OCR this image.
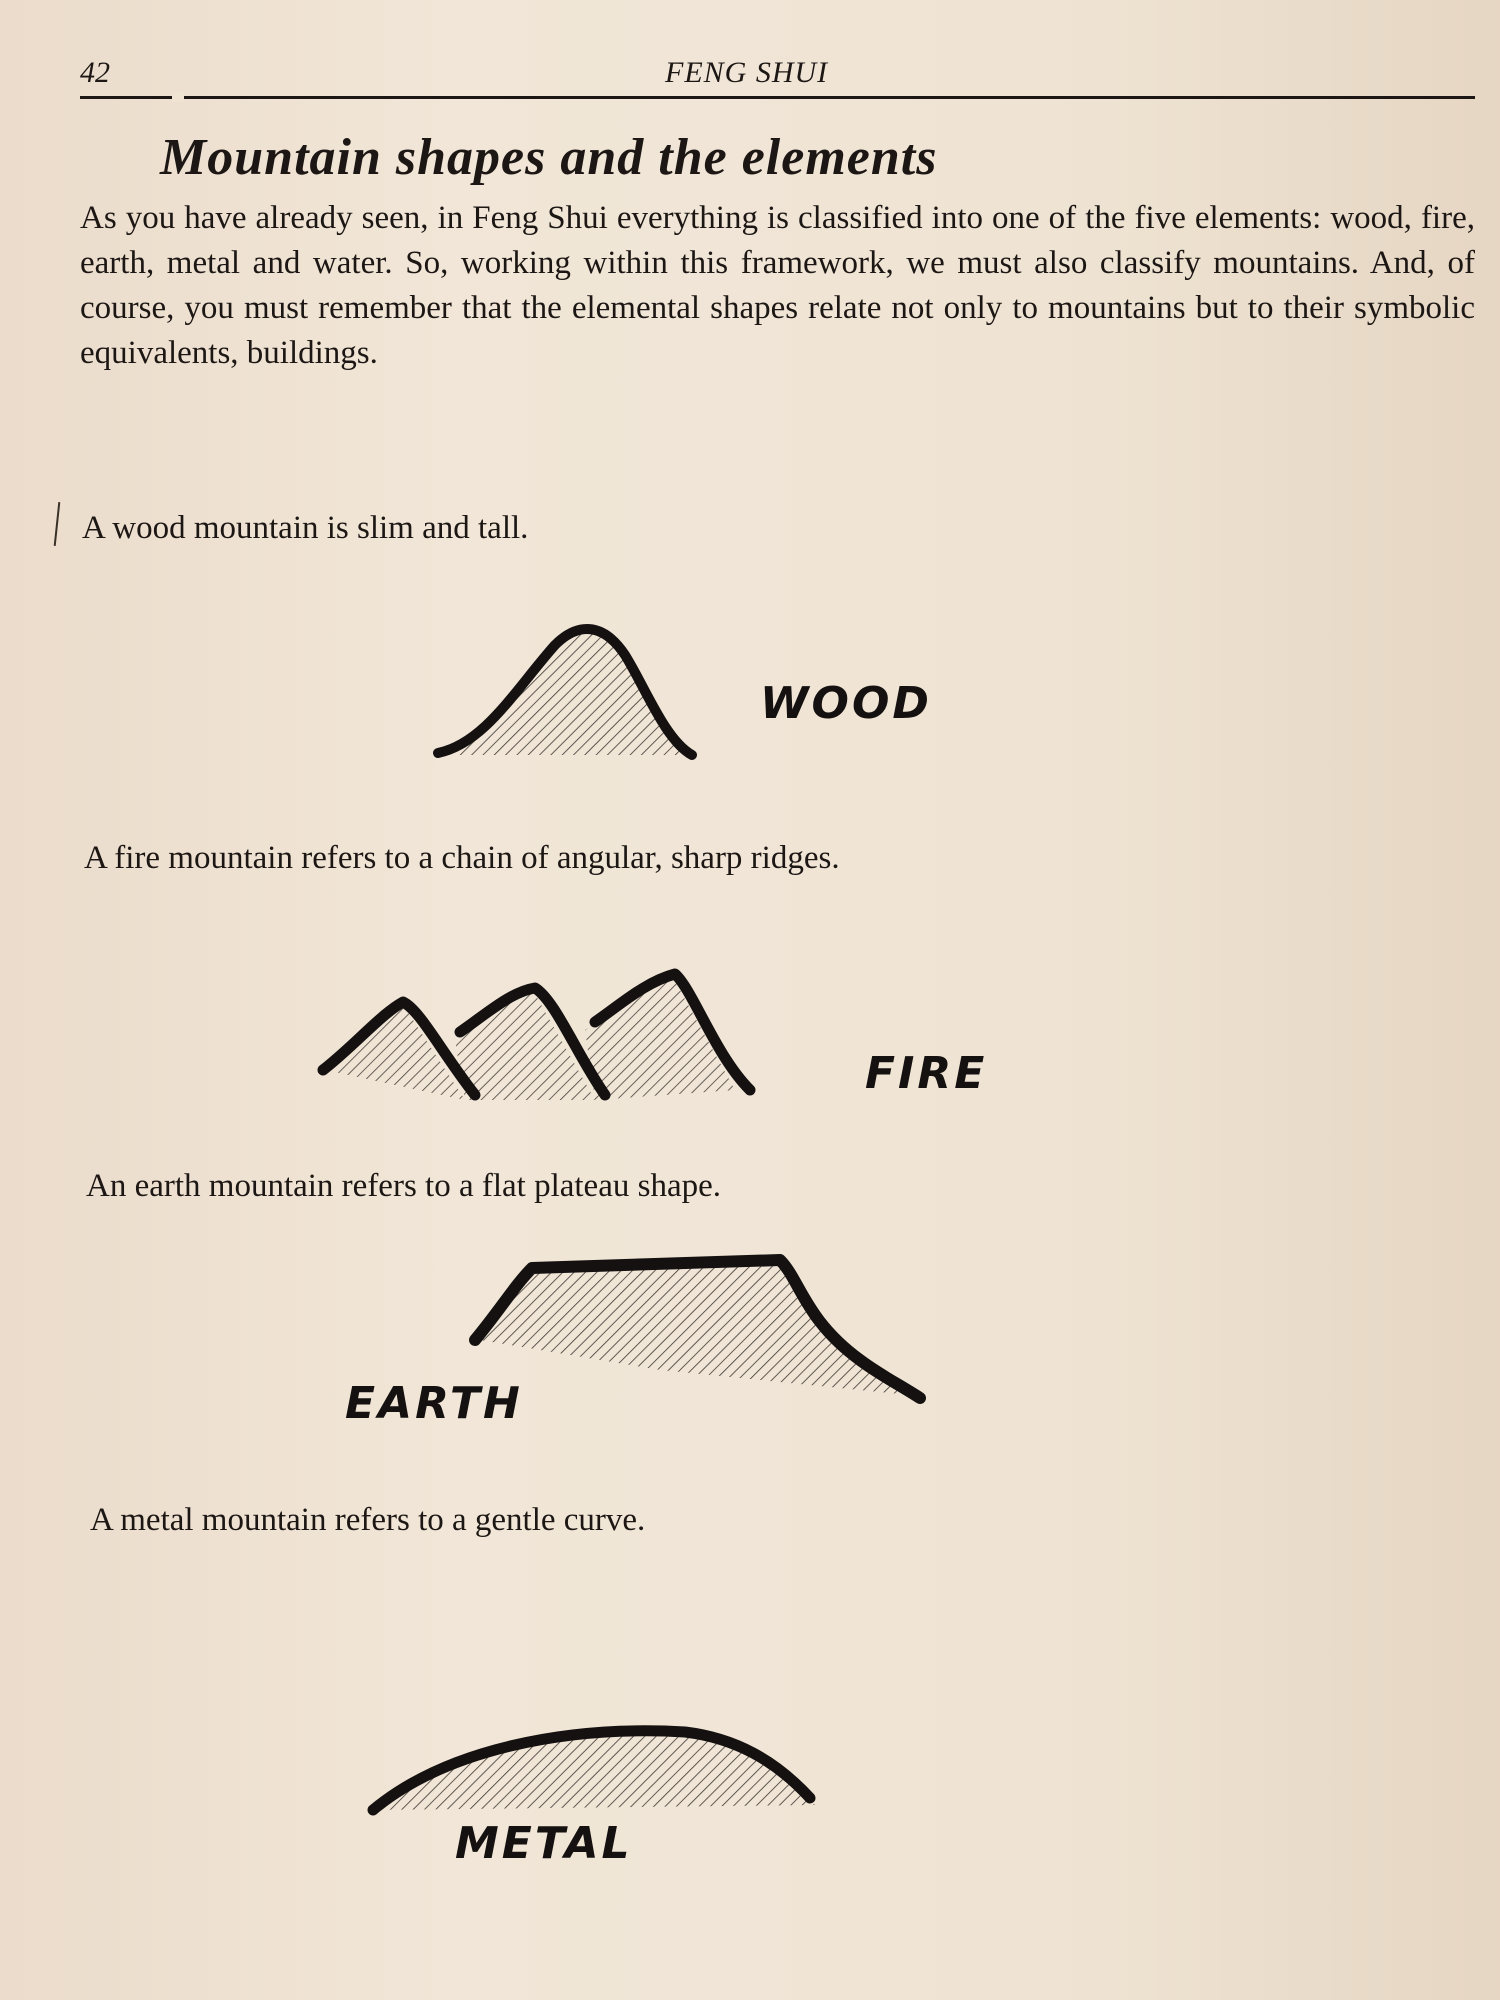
42	FENG SHUI
Mountain shapes and the elements

As you have already seen, in Feng Shui everything is classified into one of the five elements: wood, fire, earth, metal and water. So, working within this framework, we must also classify mountains. And, of course, you must remember that the elemental shapes relate not only to mountains but to their symbolic equivalents, buildings.

A wood mountain is slim and tall.
WOOD
A fire mountain refers to a chain of angular, sharp ridges.
FIRE
An earth mountain refers to a flat plateau shape.
EARTH
A metal mountain refers to a gentle curve.
METAL
